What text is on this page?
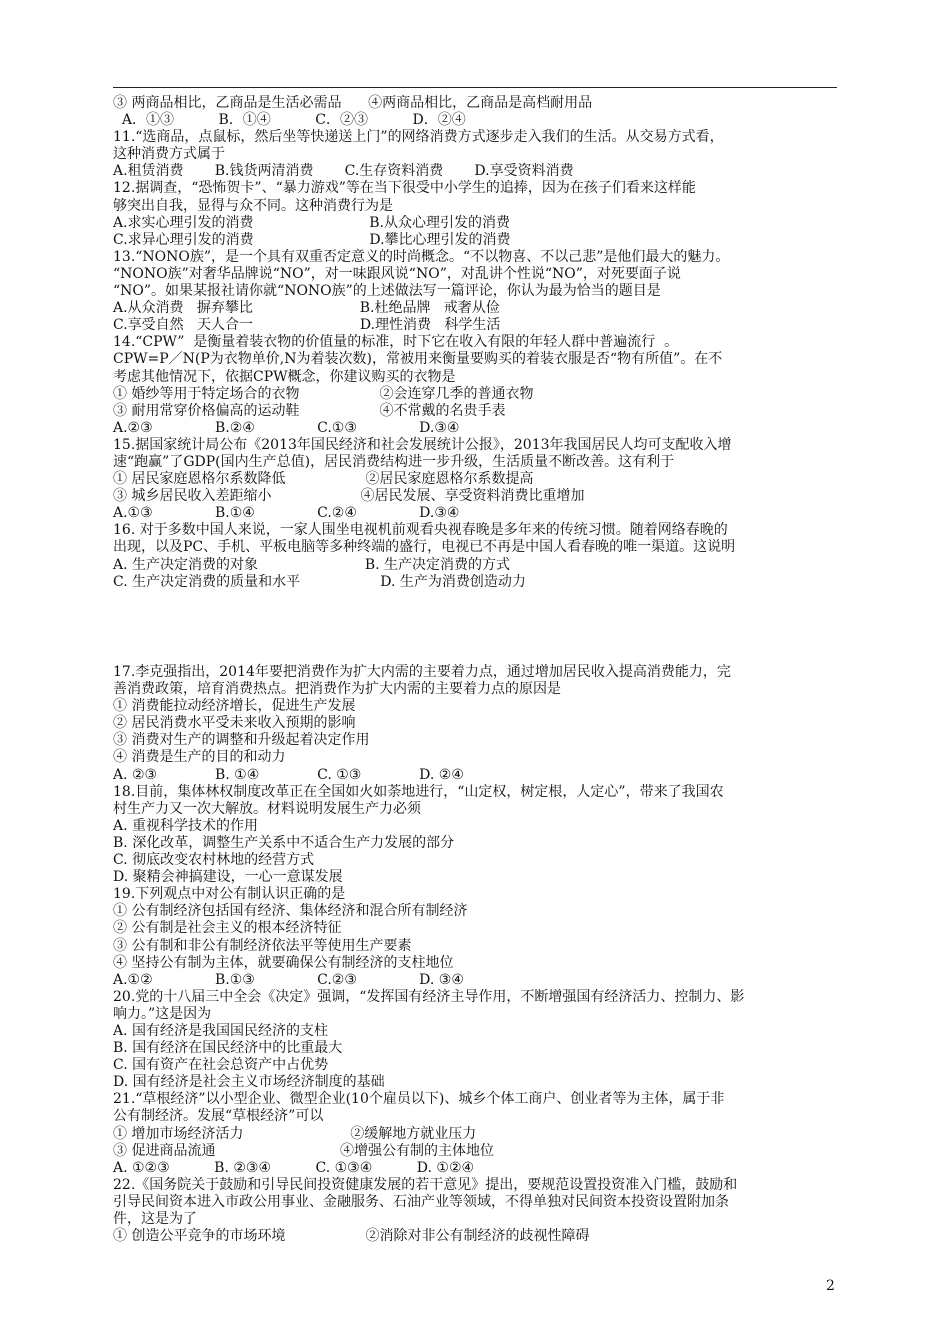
③ 两商品相比，乙商品是生活必需品      ④两商品相比，乙商品是高档耐用品
A．①③          B．①④          C．②③          D．②④
11.“选商品，点鼠标，然后坐等快递送上门”的网络消费方式逐步走入我们的生活。从交易方式看，
这种消费方式属于
A.租赁消费       B.钱货两清消费       C.生存资料消费       D.享受资料消费
12.据调查，“恐怖贺卡”、“暴力游戏”等在当下很受中小学生的追捧，因为在孩子们看来这样能
够突出自我，显得与众不同。这种消费行为是
A.求实心理引发的消费                          B.从众心理引发的消费
C.求异心理引发的消费                          D.攀比心理引发的消费
13.“NONO族”，是一个具有双重否定意义的时尚概念。“不以物喜、不以己悲”是他们最大的魅力。
“NONO族”对奢华品牌说“NO”，对一味跟风说“NO”，对乱讲个性说“NO”，对死要面子说
“NO”。如果某报社请你就“NONO族”的上述做法写一篇评论，你认为最为恰当的题目是
A.从众消费   摒弃攀比                        B.杜绝品牌   戒奢从俭
C.享受自然   天人合一                        D.理性消费   科学生活
14.“CPW”  是衡量着装衣物的价值量的标准，时下它在收入有限的年轻人群中普遍流行  。
CPW=P／N(P为衣物单价,N为着装次数)，常被用来衡量要购买的着装衣服是否“物有所值”。在不
考虑其他情况下，依据CPW概念，你建议购买的衣物是
① 婚纱等用于特定场合的衣物                  ②会连穿几季的普通衣物
③ 耐用常穿价格偏高的运动鞋                  ④不常戴的名贵手表
A.②③              B.②④              C.①③              D.③④
15.据国家统计局公布《2013年国民经济和社会发展统计公报》，2013年我国居民人均可支配收入增
速“跑赢”了GDP(国内生产总值)，居民消费结构进一步升级，生活质量不断改善。这有利于
① 居民家庭恩格尔系数降低                  ②居民家庭恩格尔系数提高
③ 城乡居民收入差距缩小                    ④居民发展、享受资料消费比重增加
A.①③              B.①④              C.②④              D.③④
16. 对于多数中国人来说，一家人围坐电视机前观看央视春晚是多年来的传统习惯。随着网络春晚的
出现，以及PC、手机、平板电脑等多种终端的盛行，电视已不再是中国人看春晚的唯一渠道。这说明
A. 生产决定消费的对象                        B. 生产决定消费的方式
C. 生产决定消费的质量和水平                  D. 生产为消费创造动力
17.李克强指出，2014年要把消费作为扩大内需的主要着力点，通过增加居民收入提高消费能力，完
善消费政策，培育消费热点。把消费作为扩大内需的主要着力点的原因是
① 消费能拉动经济增长，促进生产发展
② 居民消费水平受未来收入预期的影响
③ 消费对生产的调整和升级起着决定作用
④ 消费是生产的目的和动力
A. ②③             B. ①④             C. ①③             D. ②④
18.目前，集体林权制度改革正在全国如火如荼地进行，“山定权，树定根，人定心”，带来了我国农
村生产力又一次大解放。材料说明发展生产力必须
A. 重视科学技术的作用
B. 深化改革，调整生产关系中不适合生产力发展的部分
C. 彻底改变农村林地的经营方式
D. 聚精会神搞建设，一心一意谋发展
19.下列观点中对公有制认识正确的是
① 公有制经济包括国有经济、集体经济和混合所有制经济
② 公有制是社会主义的根本经济特征
③ 公有制和非公有制经济依法平等使用生产要素
④ 坚持公有制为主体，就要确保公有制经济的支柱地位
A.①②              B.①③              C.②③              D. ③④
20.党的十八届三中全会《决定》强调，“发挥国有经济主导作用，不断增强国有经济活力、控制力、影
响力。”这是因为
A. 国有经济是我国国民经济的支柱
B. 国有经济在国民经济中的比重最大
C. 国有资产在社会总资产中占优势
D. 国有经济是社会主义市场经济制度的基础
21.“草根经济”以小型企业、微型企业(10个雇员以下)、城乡个体工商户、创业者等为主体，属于非
公有制经济。发展“草根经济”可以
① 增加市场经济活力                        ②缓解地方就业压力
③ 促进商品流通                            ④增强公有制的主体地位
A. ①②③          B. ②③④          C. ①③④          D. ①②④
22.《国务院关于鼓励和引导民间投资健康发展的若干意见》提出，要规范设置投资准入门槛，鼓励和
引导民间资本进入市政公用事业、金融服务、石油产业等领域，不得单独对民间资本投资设置附加条
件，这是为了
① 创造公平竞争的市场环境                  ②消除对非公有制经济的歧视性障碍
2
